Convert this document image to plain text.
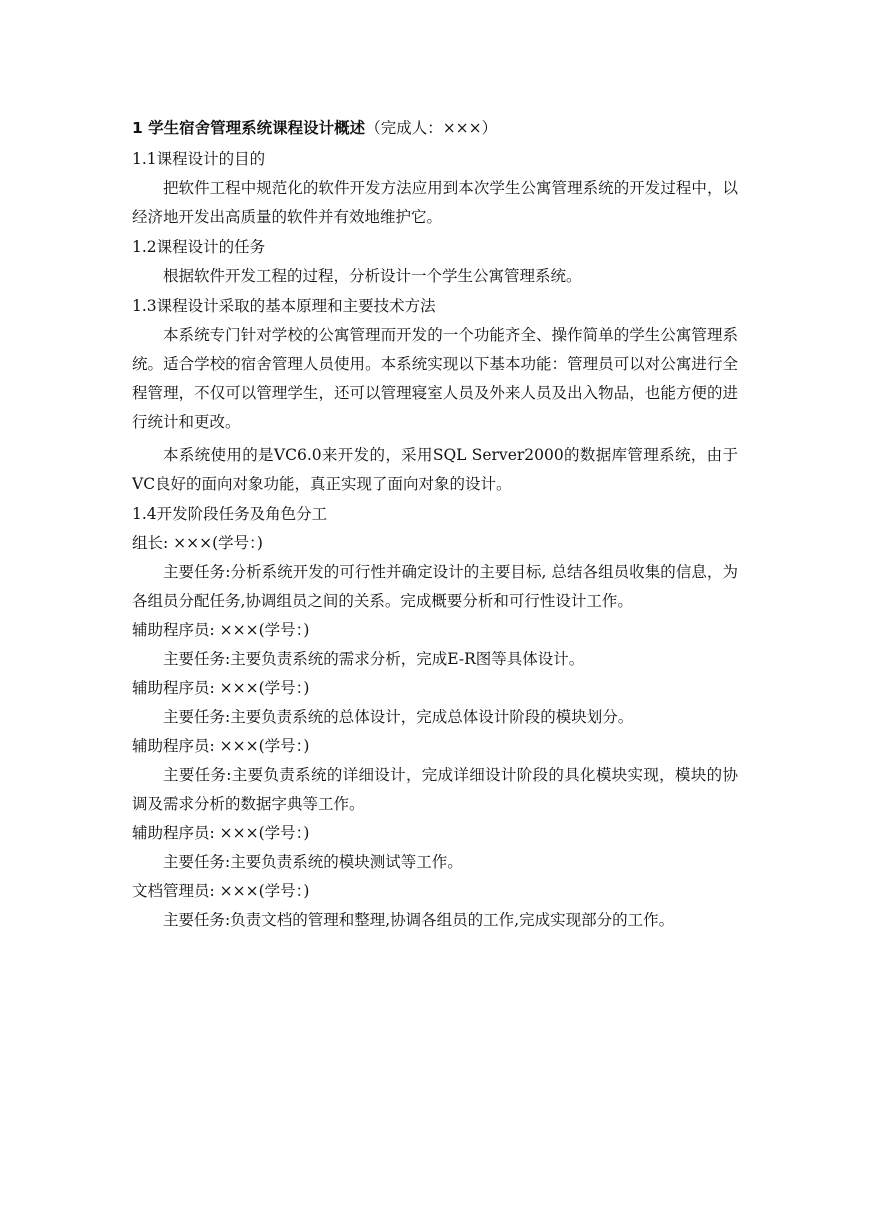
1 学生宿舍管理系统课程设计概述（完成人：×××）
1.1课程设计的目的
把软件工程中规范化的软件开发方法应用到本次学生公寓管理系统的开发过程中，以经济地开发出高质量的软件并有效地维护它。
1.2课程设计的任务
根据软件开发工程的过程，分析设计一个学生公寓管理系统。
1.3课程设计采取的基本原理和主要技术方法
本系统专门针对学校的公寓管理而开发的一个功能齐全、操作简单的学生公寓管理系统。适合学校的宿舍管理人员使用。本系统实现以下基本功能：管理员可以对公寓进行全程管理，不仅可以管理学生，还可以管理寝室人员及外来人员及出入物品，也能方便的进行统计和更改。
本系统使用的是VC6.0来开发的，采用SQL Server2000的数据库管理系统，由于VC良好的面向对象功能，真正实现了面向对象的设计。
1.4开发阶段任务及角色分工
组长: ×××(学号：)
主要任务:分析系统开发的可行性并确定设计的主要目标, 总结各组员收集的信息，为各组员分配任务,协调组员之间的关系。完成概要分析和可行性设计工作。
辅助程序员: ×××(学号：)
主要任务:主要负责系统的需求分析，完成E-R图等具体设计。
辅助程序员: ×××(学号：)
主要任务:主要负责系统的总体设计，完成总体设计阶段的模块划分。
辅助程序员: ×××(学号：)
主要任务:主要负责系统的详细设计，完成详细设计阶段的具化模块实现，模块的协调及需求分析的数据字典等工作。
辅助程序员: ×××(学号：)
主要任务:主要负责系统的模块测试等工作。
文档管理员: ×××(学号：)
主要任务:负责文档的管理和整理,协调各组员的工作,完成实现部分的工作。
